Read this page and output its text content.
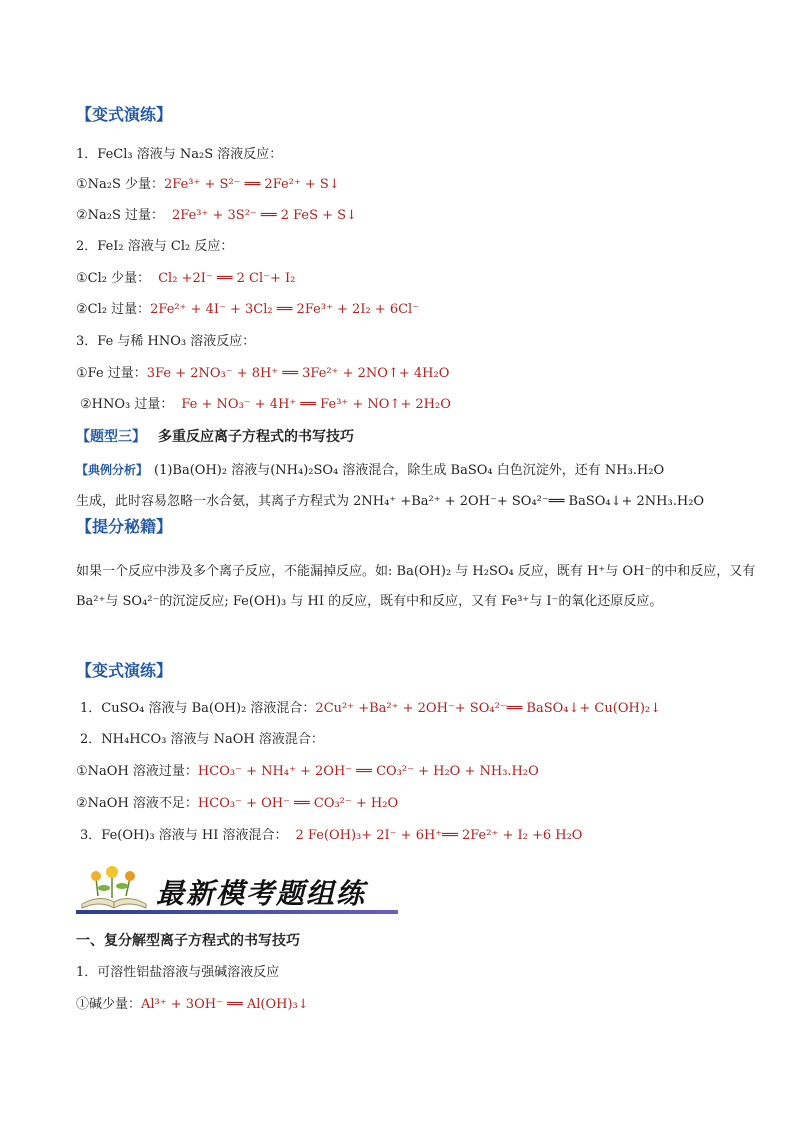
【变式演练】
1．FeCl₃ 溶液与 Na₂S 溶液反应：
①Na₂S 少量：2Fe³⁺ + S²⁻ ══ 2Fe²⁺ + S↓
②Na₂S 过量： 2Fe³⁺ + 3S²⁻ ══ 2 FeS + S↓
2．FeI₂ 溶液与 Cl₂ 反应：
①Cl₂ 少量： Cl₂ +2I⁻ ══ 2 Cl⁻+ I₂
②Cl₂ 过量：2Fe²⁺ + 4I⁻ + 3Cl₂ ══ 2Fe³⁺ + 2I₂ + 6Cl⁻
3．Fe 与稀 HNO₃ 溶液反应：
①Fe 过量：3Fe + 2NO₃⁻ + 8H⁺ ══ 3Fe²⁺ + 2NO↑+ 4H₂O
②HNO₃ 过量： Fe + NO₃⁻ + 4H⁺ ══ Fe³⁺ + NO↑+ 2H₂O
【题型三】 多重反应离子方程式的书写技巧
【典例分析】 (1)Ba(OH)₂ 溶液与(NH₄)₂SO₄ 溶液混合，除生成 BaSO₄ 白色沉淀外，还有 NH₃.H₂O
生成，此时容易忽略一水合氨，其离子方程式为 2NH₄⁺ +Ba²⁺ + 2OH⁻+ SO₄²⁻══ BaSO₄↓+ 2NH₃.H₂O
【提分秘籍】
如果一个反应中涉及多个离子反应，不能漏掉反应。如: Ba(OH)₂ 与 H₂SO₄ 反应，既有 H⁺与 OH⁻的中和反应，又有 Ba²⁺与 SO₄²⁻的沉淀反应; Fe(OH)₃ 与 HI 的反应，既有中和反应，又有 Fe³⁺与 I⁻的氧化还原反应。
【变式演练】
1．CuSO₄ 溶液与 Ba(OH)₂ 溶液混合：2Cu²⁺ +Ba²⁺ + 2OH⁻+ SO₄²⁻══ BaSO₄↓+ Cu(OH)₂↓
2．NH₄HCO₃ 溶液与 NaOH 溶液混合：
①NaOH 溶液过量：HCO₃⁻ + NH₄⁺ + 2OH⁻ ══ CO₃²⁻ + H₂O + NH₃.H₂O
②NaOH 溶液不足：HCO₃⁻ + OH⁻ ══ CO₃²⁻ + H₂O
3．Fe(OH)₃ 溶液与 HI 溶液混合： 2 Fe(OH)₃+ 2I⁻ + 6H⁺══ 2Fe²⁺ + I₂ +6 H₂O
最新模考题组练
一、复分解型离子方程式的书写技巧
1．可溶性铝盐溶液与强碱溶液反应
①碱少量：Al³⁺ + 3OH⁻ ══ Al(OH)₃↓
